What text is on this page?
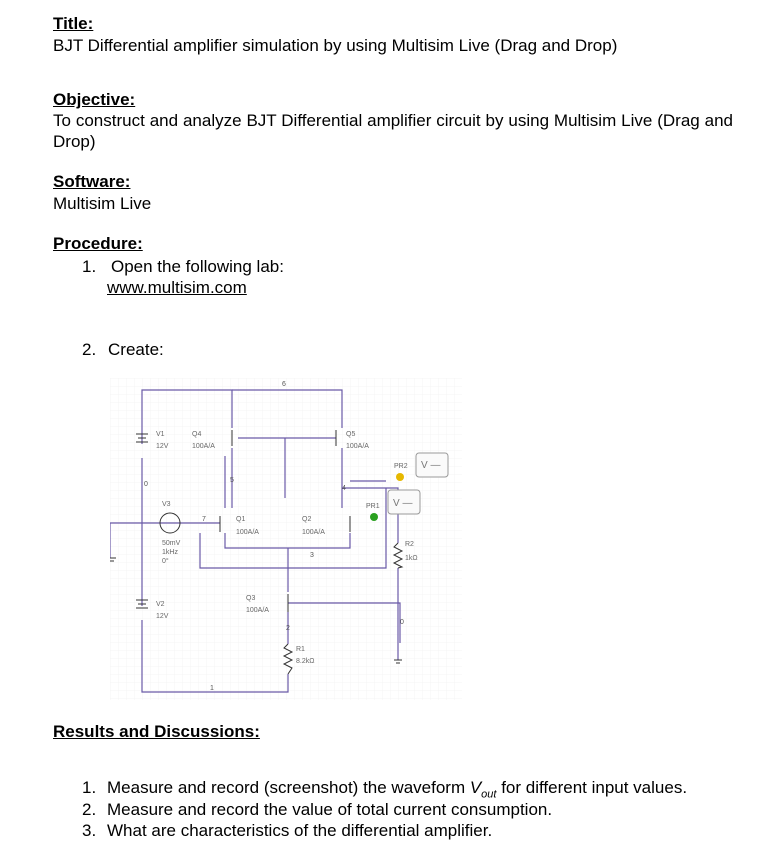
Title:
BJT Differential amplifier simulation by using Multisim Live (Drag and Drop)
Objective:
To construct and analyze BJT Differential amplifier circuit by using Multisim Live (Drag and Drop)
Software:
Multisim Live
Procedure:
1. Open the following lab:
www.multisim.com
2. Create:
V1
12V
V2
12V
V3
50mV
1kHz
0°
Q4
100A/A
Q5
100A/A
Q1
100A/A
Q2
100A/A
Q3
100A/A
R1
8.2kΩ
R2
1kΩ
PR2 V —
PR1 V —
6
5
4
7
3
2
1
0
0
Results and Discussions:
1. Measure and record (screenshot) the waveform $V_{out}$ for different input values.
2. Measure and record the value of total current consumption.
3. What are characteristics of the differential amplifier.
